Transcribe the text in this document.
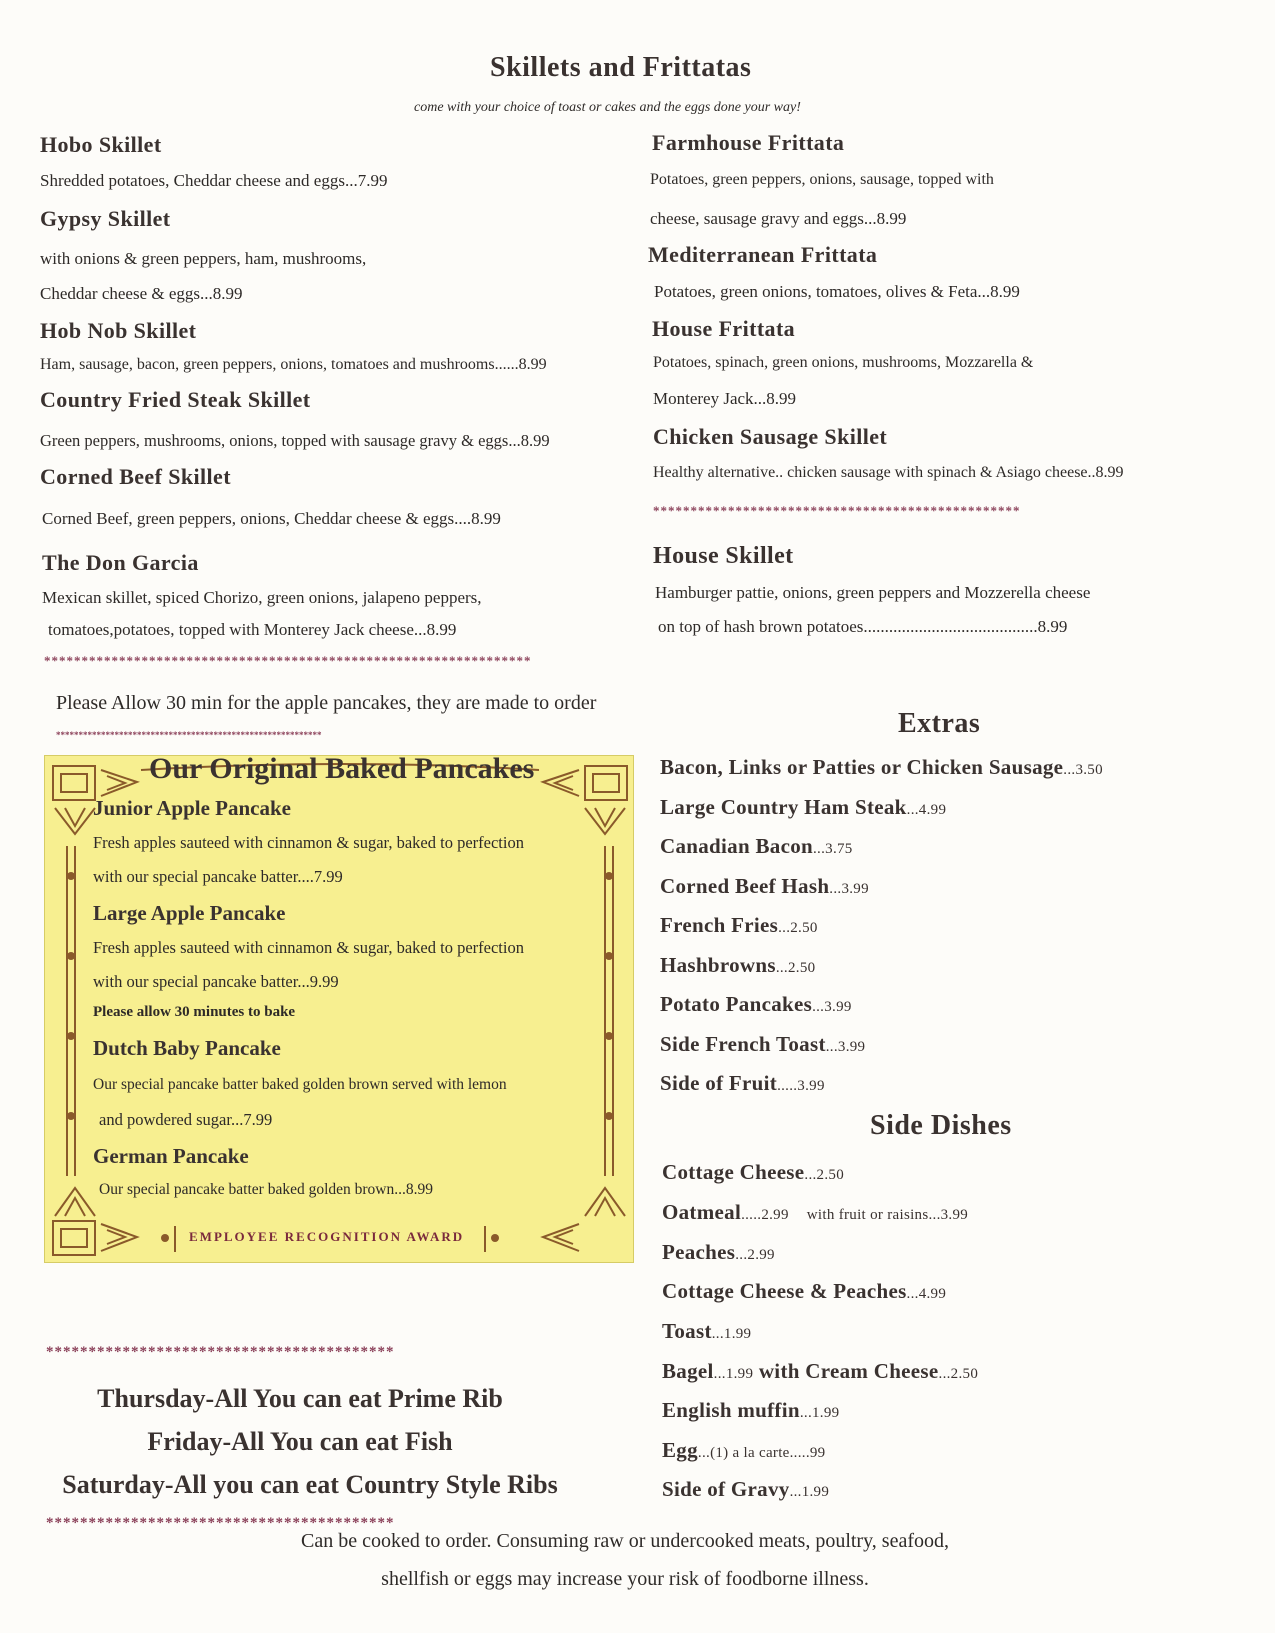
Skillets and Frittatas
come with your choice of toast or cakes and the eggs done your way!
Hobo Skillet
Shredded potatoes, Cheddar cheese and eggs...7.99
Gypsy Skillet
with onions & green peppers, ham, mushrooms,
Cheddar cheese & eggs...8.99
Hob Nob Skillet
Ham, sausage, bacon, green peppers, onions, tomatoes and mushrooms......8.99
Country Fried Steak Skillet
Green peppers, mushrooms, onions, topped with sausage gravy & eggs...8.99
Corned Beef Skillet
Corned Beef, green peppers, onions, Cheddar cheese & eggs....8.99
The Don Garcia
Mexican skillet, spiced Chorizo, green onions, jalapeno peppers,
tomatoes,potatoes, topped with Monterey Jack cheese...8.99
Farmhouse Frittata
Potatoes, green peppers, onions, sausage, topped with
cheese, sausage gravy and eggs...8.99
Mediterranean Frittata
Potatoes, green onions, tomatoes, olives & Feta...8.99
House Frittata
Potatoes, spinach, green onions, mushrooms, Mozzarella &
Monterey Jack...8.99
Chicken Sausage Skillet
Healthy alternative.. chicken sausage with spinach & Asiago cheese..8.99
*************************************************
House Skillet
Hamburger pattie, onions, green peppers and Mozzerella cheese
on top of hash brown potatoes.........................................8.99
*****************************************************************
Please Allow 30 min for the apple pancakes, they are made to order
***********************************************************
Our Original Baked Pancakes
Junior Apple Pancake
Fresh apples sauteed with cinnamon & sugar, baked to perfection
with our special pancake batter....7.99
Large Apple Pancake
Fresh apples sauteed with cinnamon & sugar, baked to perfection
with our special pancake batter...9.99
Please allow 30 minutes to bake
Dutch Baby Pancake
Our special pancake batter baked golden brown served with lemon
and powdered sugar...7.99
German Pancake
Our special pancake batter baked golden brown...8.99
EMPLOYEE RECOGNITION AWARD
Extras
Bacon, Links or Patties or Chicken Sausage...3.50
Large Country Ham Steak...4.99
Canadian Bacon...3.75
Corned Beef Hash...3.99
French Fries...2.50
Hashbrowns...2.50
Potato Pancakes...3.99
Side French Toast...3.99
Side of Fruit.....3.99
Side Dishes
Cottage Cheese...2.50
Oatmeal.....2.99 with fruit or raisins...3.99
Peaches...2.99
Cottage Cheese & Peaches...4.99
Toast...1.99
Bagel...1.99 with Cream Cheese...2.50
English muffin...1.99
Egg...(1) a la carte.....99
Side of Gravy...1.99
*****************************************
Thursday-All You can eat Prime Rib
Friday-All You can eat Fish
Saturday-All you can eat Country Style Ribs
*****************************************
Can be cooked to order. Consuming raw or undercooked meats, poultry, seafood,
shellfish or eggs may increase your risk of foodborne illness.
